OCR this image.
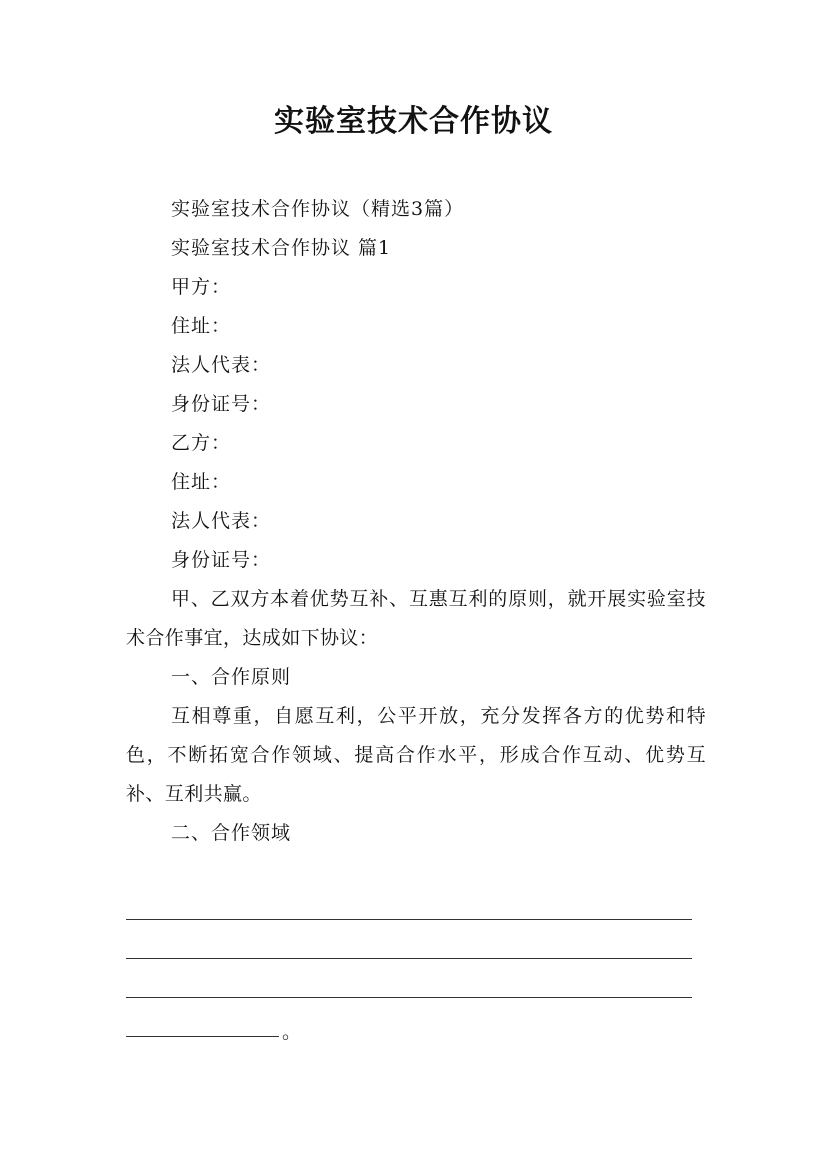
实验室技术合作协议

实验室技术合作协议（精选3篇）

实验室技术合作协议 篇1

甲方：

住址：

法人代表：

身份证号：

乙方：

住址：

法人代表：

身份证号：

甲、乙双方本着优势互补、互惠互利的原则，就开展实验室技术合作事宜，达成如下协议：

一、合作原则

互相尊重，自愿互利，公平开放，充分发挥各方的优势和特色，不断拓宽合作领域、提高合作水平，形成合作互动、优势互补、互利共赢。

二、合作领域

。
